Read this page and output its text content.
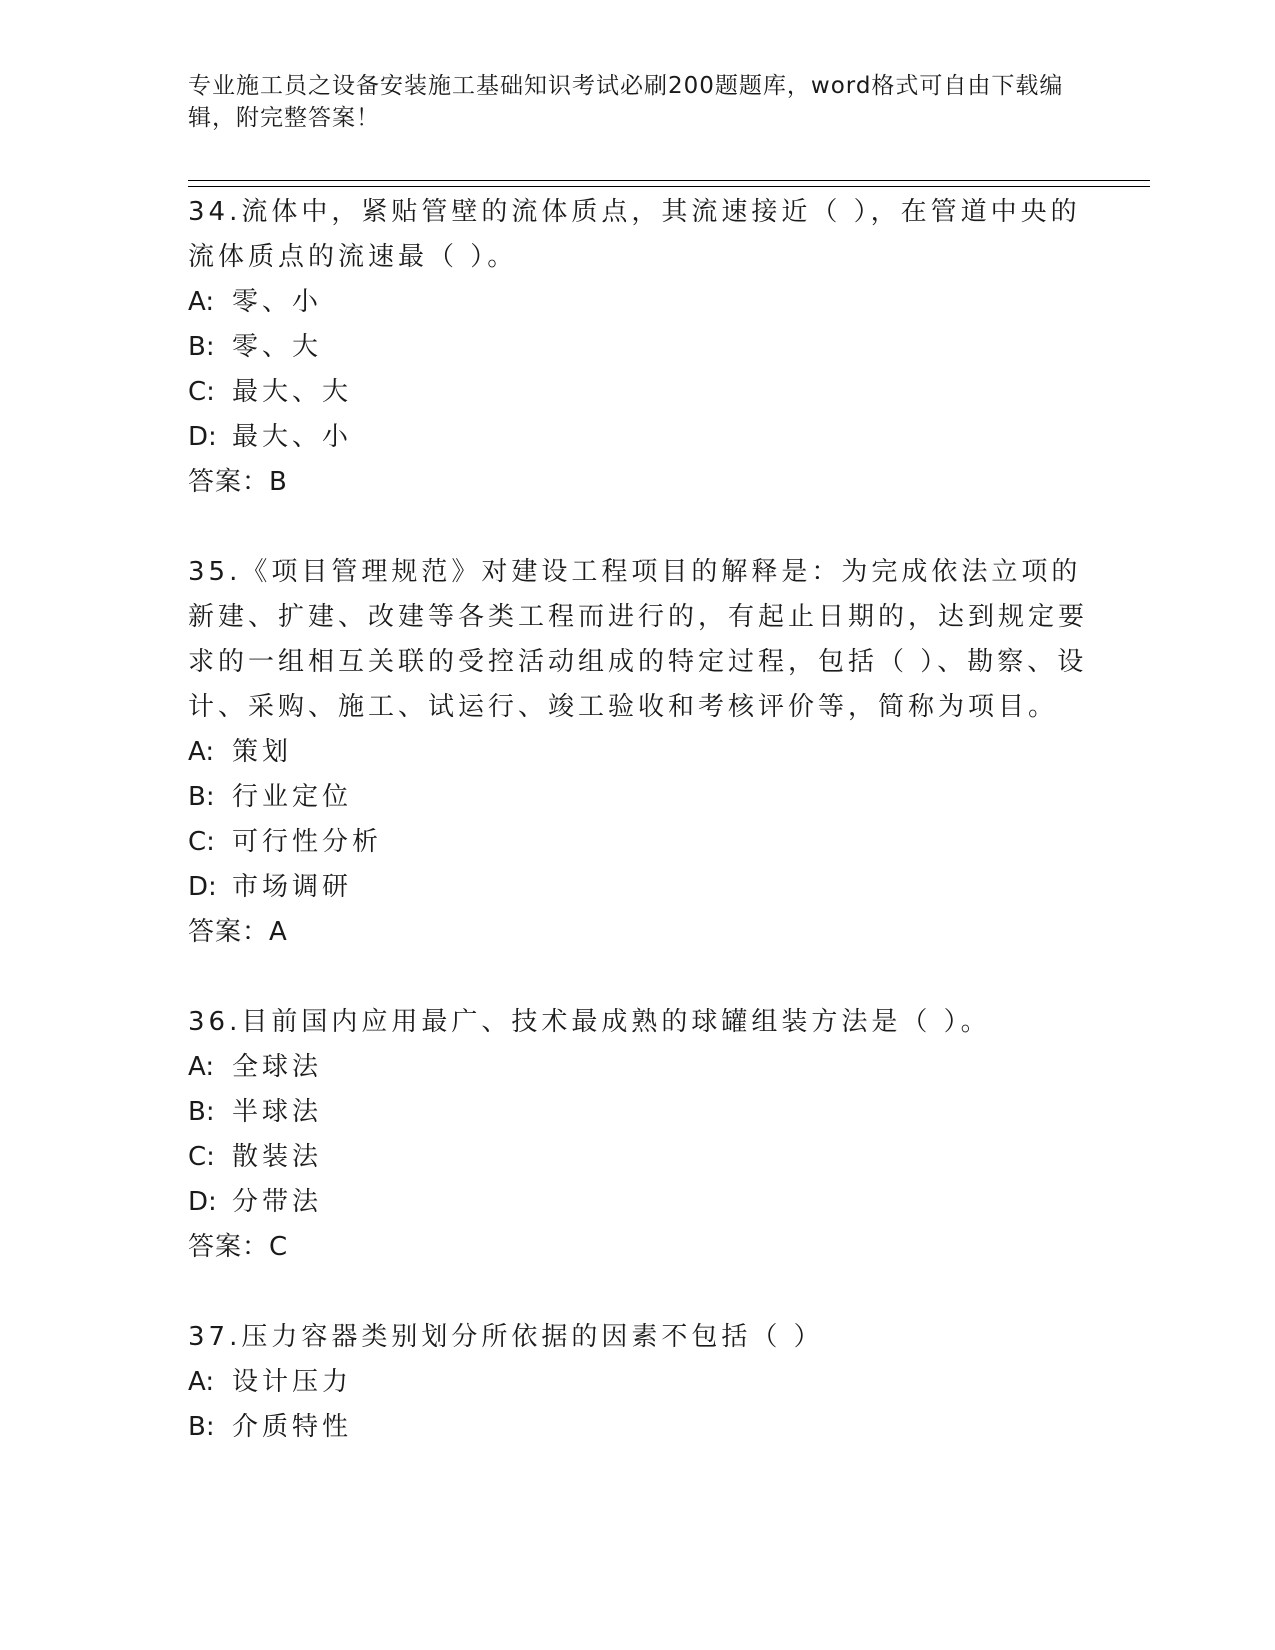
专业施工员之设备安装施工基础知识考试必刷200题题库，word格式可自由下载编辑，附完整答案！
34.流体中，紧贴管壁的流体质点，其流速接近（ ），在管道中央的流体质点的流速最（ ）。
A: 零、小
B: 零、大
C: 最大、大
D: 最大、小
答案：B
35.《项目管理规范》对建设工程项目的解释是：为完成依法立项的新建、扩建、改建等各类工程而进行的，有起止日期的，达到规定要求的一组相互关联的受控活动组成的特定过程，包括（ ）、勘察、设计、采购、施工、试运行、竣工验收和考核评价等，简称为项目。
A: 策划
B: 行业定位
C: 可行性分析
D: 市场调研
答案：A
36.目前国内应用最广、技术最成熟的球罐组装方法是（ ）。
A: 全球法
B: 半球法
C: 散装法
D: 分带法
答案：C
37.压力容器类别划分所依据的因素不包括（ ）
A: 设计压力
B: 介质特性
